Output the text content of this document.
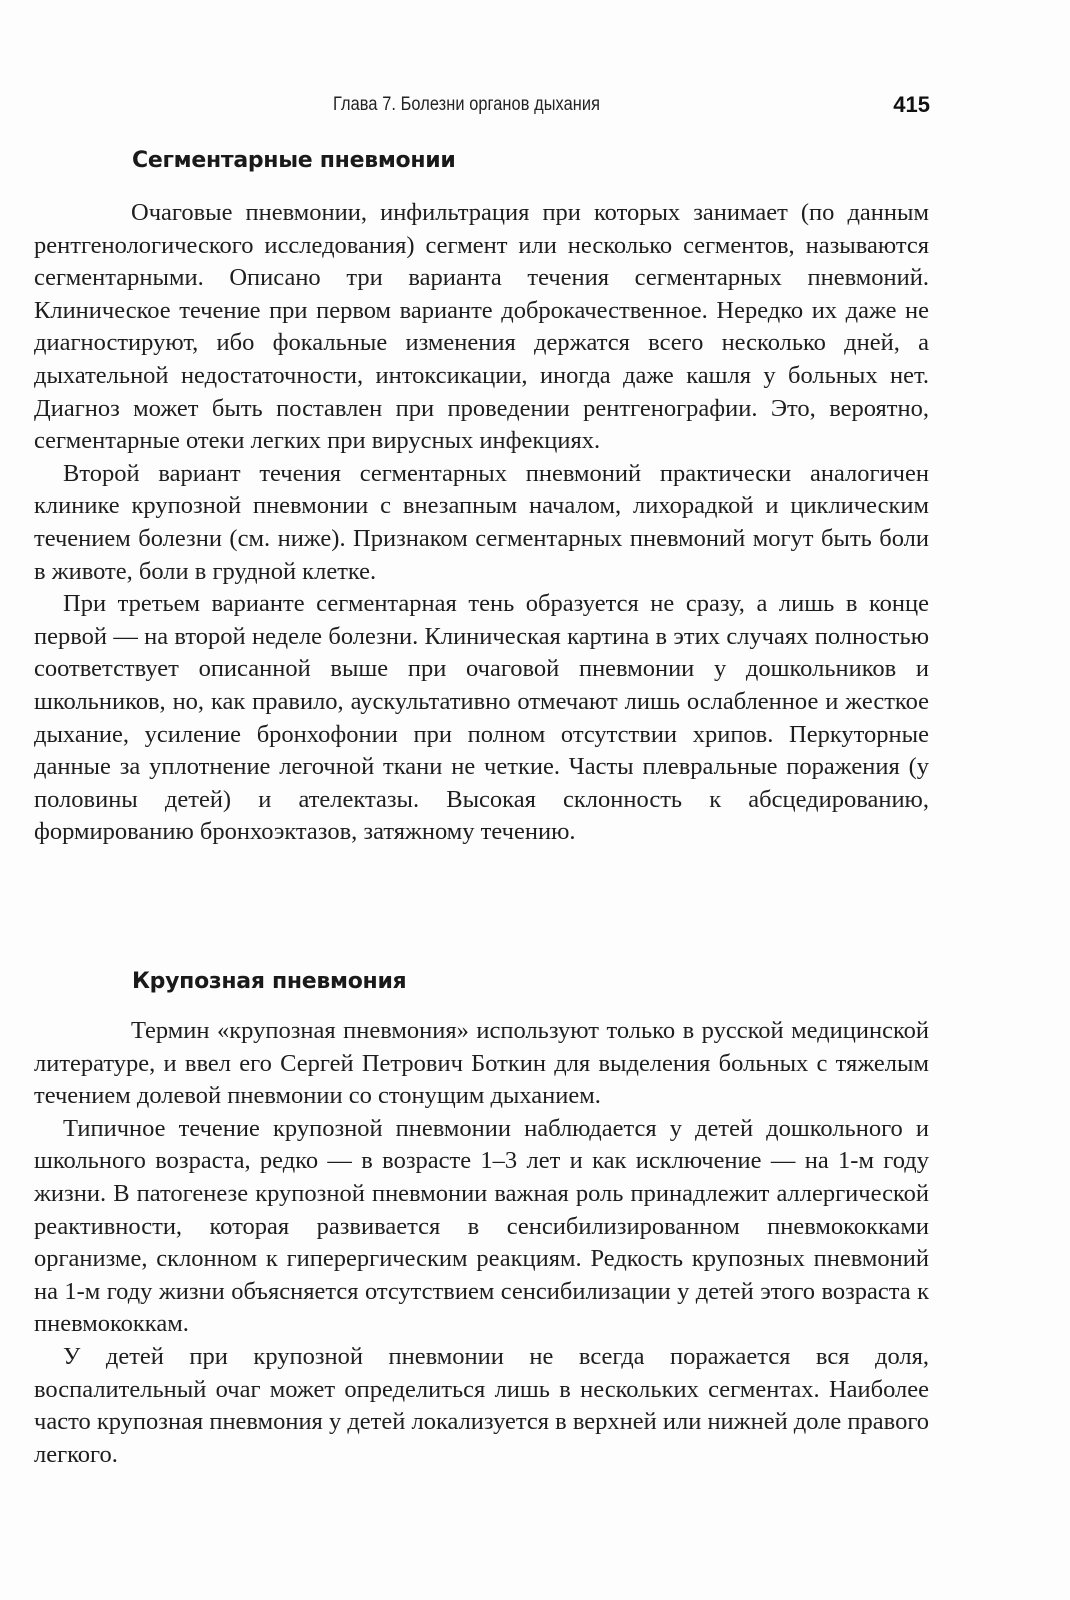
Глава 7. Болезни органов дыхания	415
Сегментарные пневмонии

Очаговые пневмонии, инфильтрация при которых занимает (по данным рентгенологического исследования) сегмент или несколько сегментов, называются сегментарными. Описано три варианта течения сегментарных пневмоний. Клиническое течение при первом варианте доброкачественное. Нередко их даже не диагностируют, ибо фокальные изменения держатся всего несколько дней, а дыхательной недостаточности, интоксикации, иногда даже кашля у больных нет. Диагноз может быть поставлен при проведении рентгенографии. Это, вероятно, сегментарные отеки легких при вирусных инфекциях.

Второй вариант течения сегментарных пневмоний практически аналогичен клинике крупозной пневмонии с внезапным началом, лихорадкой и циклическим течением болезни (см. ниже). Признаком сегментарных пневмоний могут быть боли в животе, боли в грудной клетке.

При третьем варианте сегментарная тень образуется не сразу, а лишь в конце первой — на второй неделе болезни. Клиническая картина в этих случаях полностью соответствует описанной выше при очаговой пневмонии у дошкольников и школьников, но, как правило, аускультативно отмечают лишь ослабленное и жесткое дыхание, усиление бронхофонии при полном отсутствии хрипов. Перкуторные данные за уплотнение легочной ткани не четкие. Часты плевральные поражения (у половины детей) и ателектазы. Высокая склонность к абсцедированию, формированию бронхоэктазов, затяжному течению.

Крупозная пневмония

Термин «крупозная пневмония» используют только в русской медицинской литературе, и ввел его Сергей Петрович Боткин для выделения больных с тяжелым течением долевой пневмонии со стонущим дыханием.

Типичное течение крупозной пневмонии наблюдается у детей дошкольного и школьного возраста, редко — в возрасте 1–3 лет и как исключение — на 1-м году жизни. В патогенезе крупозной пневмонии важная роль принадлежит аллергической реактивности, которая развивается в сенсибилизированном пневмококками организме, склонном к гиперергическим реакциям. Редкость крупозных пневмоний на 1-м году жизни объясняется отсутствием сенсибилизации у детей этого возраста к пневмококкам.

У детей при крупозной пневмонии не всегда поражается вся доля, воспалительный очаг может определиться лишь в нескольких сегментах. Наиболее часто крупозная пневмония у детей локализуется в верхней или нижней доле правого легкого.
